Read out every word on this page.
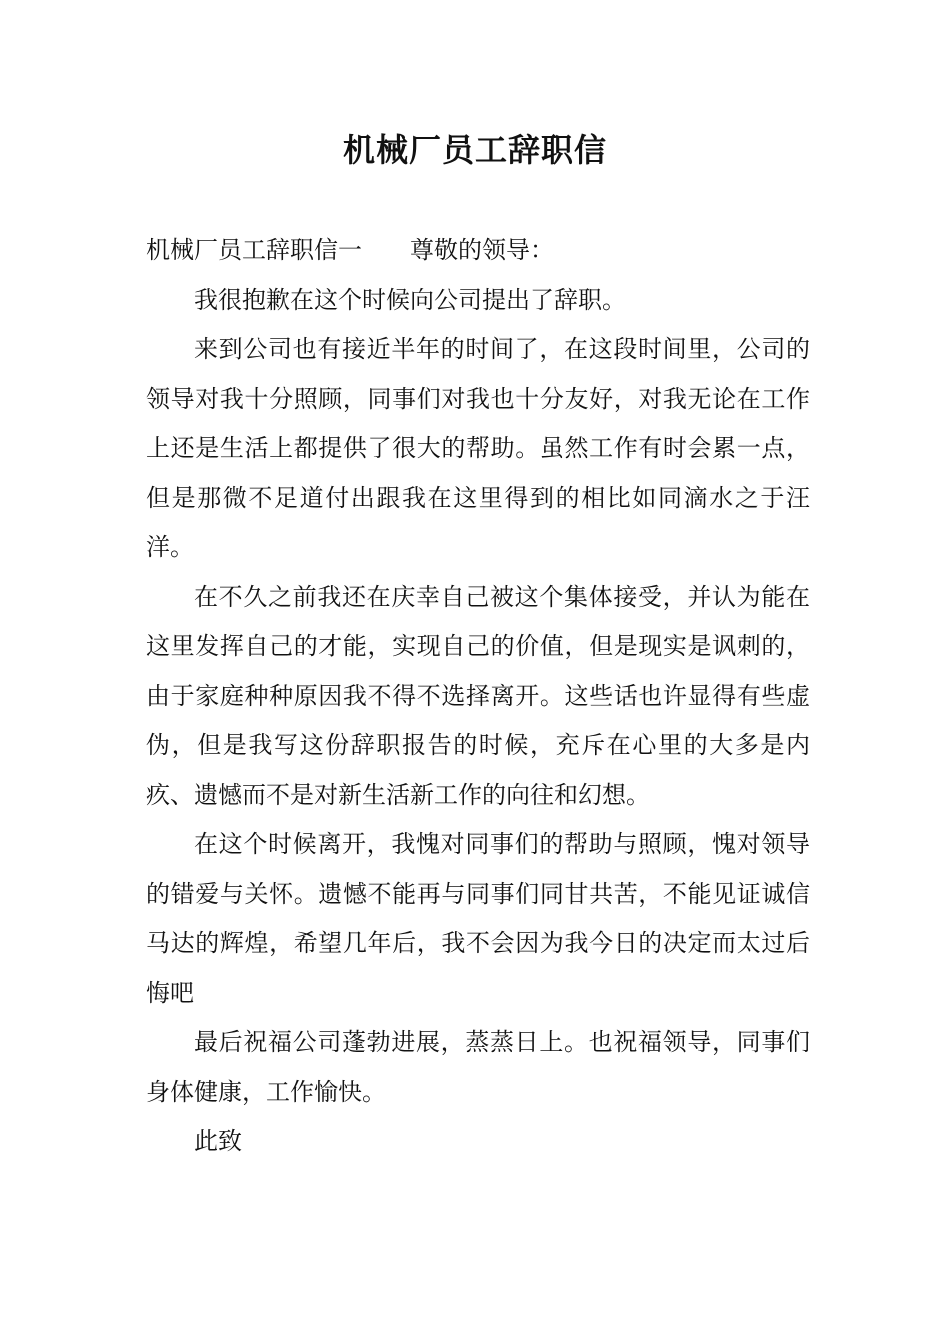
机械厂员工辞职信

机械厂员工辞职信一 尊敬的领导：

我很抱歉在这个时候向公司提出了辞职。

来到公司也有接近半年的时间了，在这段时间里，公司的领导对我十分照顾，同事们对我也十分友好，对我无论在工作上还是生活上都提供了很大的帮助。虽然工作有时会累一点，但是那微不足道付出跟我在这里得到的相比如同滴水之于汪洋。

在不久之前我还在庆幸自己被这个集体接受，并认为能在这里发挥自己的才能，实现自己的价值，但是现实是讽刺的，由于家庭种种原因我不得不选择离开。这些话也许显得有些虚伪，但是我写这份辞职报告的时候，充斥在心里的大多是内疚、遗憾而不是对新生活新工作的向往和幻想。

在这个时候离开，我愧对同事们的帮助与照顾，愧对领导的错爱与关怀。遗憾不能再与同事们同甘共苦，不能见证诚信马达的辉煌，希望几年后，我不会因为我今日的决定而太过后悔吧

最后祝福公司蓬勃进展，蒸蒸日上。也祝福领导，同事们身体健康，工作愉快。

此致
